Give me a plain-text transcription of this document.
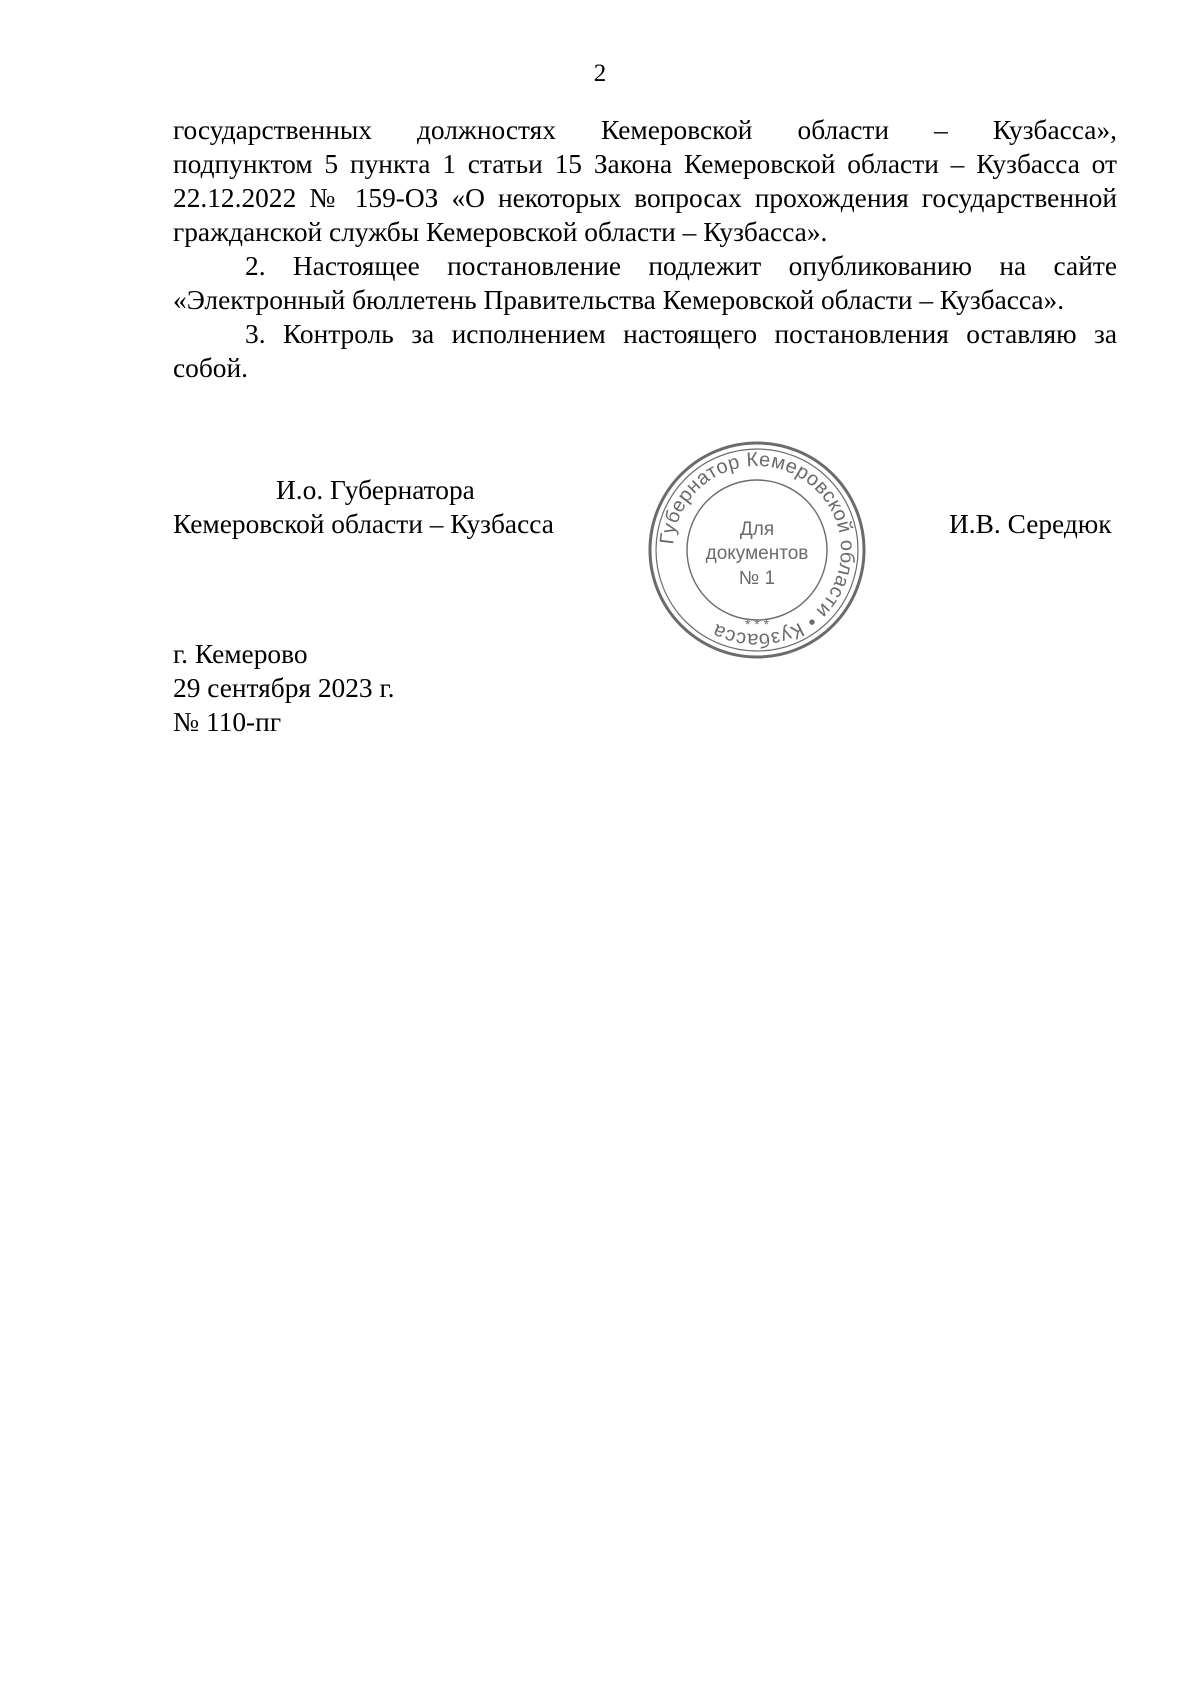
2
государственных должностях Кемеровской области – Кузбасса»,
подпунктом 5 пункта 1 статьи 15 Закона Кемеровской области – Кузбасса от
22.12.2022 № 159-ОЗ «О некоторых вопросах прохождения государственной
гражданской службы Кемеровской области – Кузбасса».
2. Настоящее постановление подлежит опубликованию на сайте
«Электронный бюллетень Правительства Кемеровской области – Кузбасса».
3. Контроль за исполнением настоящего постановления оставляю за
собой.
И.о. Губернатора
Кемеровской области – Кузбасса	И.В. Середюк
Губернатор Кемеровской области • Кузбасса	* * *
Для
документов
№ 1
г. Кемерово
29 сентября 2023 г.
№ 110-пг
